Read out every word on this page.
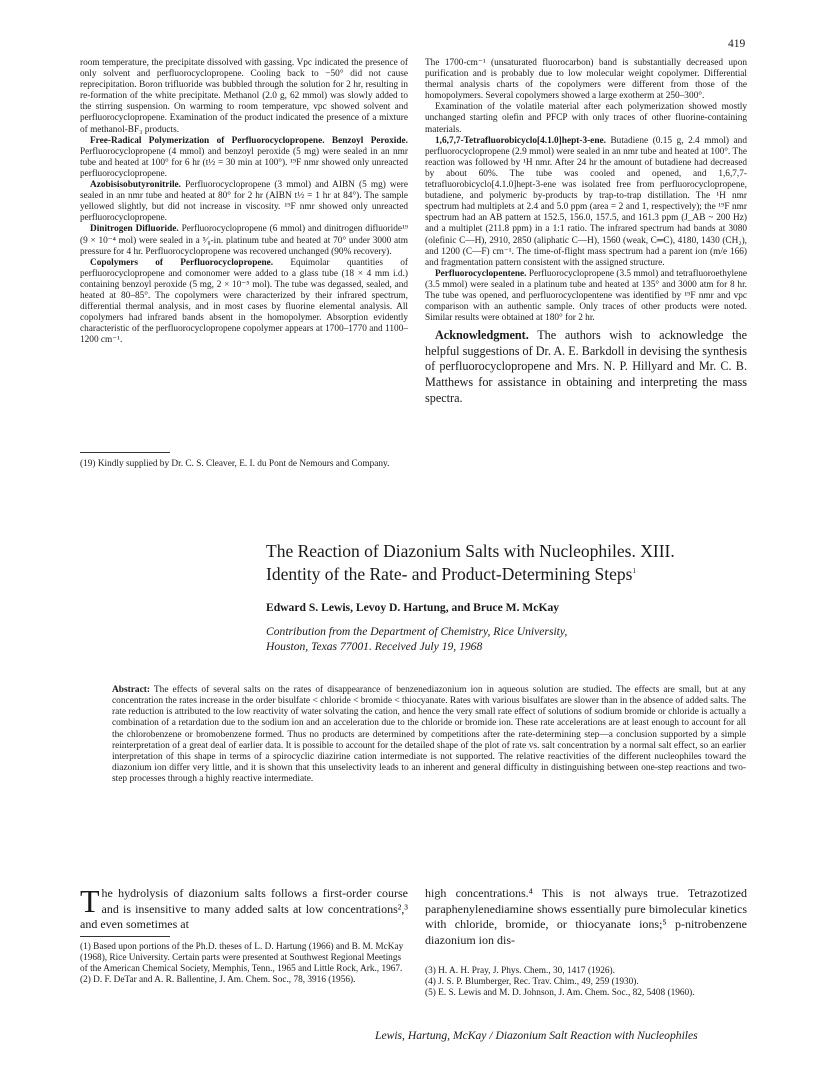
419

room temperature, the precipitate dissolved with gassing. Vpc indicated the presence of only solvent and perfluorocyclopropene. Cooling back to −50° did not cause reprecipitation. Boron trifluoride was bubbled through the solution for 2 hr, resulting in re-formation of the white precipitate. Methanol (2.0 g, 62 mmol) was slowly added to the stirring suspension. On warming to room temperature, vpc showed solvent and perfluorocyclopropene. Examination of the product indicated the presence of a mixture of methanol-BF₃ products.

Free-Radical Polymerization of Perfluorocyclopropene. Benzoyl Peroxide. Perfluorocyclopropene (4 mmol) and benzoyl peroxide (5 mg) were sealed in an nmr tube and heated at 100° for 6 hr (t½ = 30 min at 100°). ¹⁹F nmr showed only unreacted perfluorocyclopropene.

Azobisisobutyronitrile. Perfluorocyclopropene (3 mmol) and AIBN (5 mg) were sealed in an nmr tube and heated at 80° for 2 hr (AIBN t½ = 1 hr at 84°). The sample yellowed slightly, but did not increase in viscosity. ¹⁹F nmr showed only unreacted perfluorocyclopropene.

Dinitrogen Difluoride. Perfluorocyclopropene (6 mmol) and dinitrogen difluoride¹⁹ (9 × 10⁻⁴ mol) were sealed in a ⁵⁄₈-in. platinum tube and heated at 70° under 3000 atm pressure for 4 hr. Perfluorocyclopropene was recovered unchanged (90% recovery).

Copolymers of Perfluorocyclopropene. Equimolar quantities of perfluorocyclopropene and comonomer were added to a glass tube (18 × 4 mm i.d.) containing benzoyl peroxide (5 mg, 2 × 10⁻⁵ mol). The tube was degassed, sealed, and heated at 80–85°. The copolymers were characterized by their infrared spectrum, differential thermal analysis, and in most cases by fluorine elemental analysis. All copolymers had infrared bands absent in the homopolymer. Absorption evidently characteristic of the perfluorocyclopropene copolymer appears at 1700–1770 and 1100–1200 cm⁻¹.

(19) Kindly supplied by Dr. C. S. Cleaver, E. I. du Pont de Nemours and Company.

The 1700-cm⁻¹ (unsaturated fluorocarbon) band is substantially decreased upon purification and is probably due to low molecular weight copolymer. Differential thermal analysis charts of the copolymers were different from those of the homopolymers. Several copolymers showed a large exotherm at 250–300°.

Examination of the volatile material after each polymerization showed mostly unchanged starting olefin and PFCP with only traces of other fluorine-containing materials.

1,6,7,7-Tetrafluorobicyclo[4.1.0]hept-3-ene. Butadiene (0.15 g, 2.4 mmol) and perfluorocyclopropene (2.9 mmol) were sealed in an nmr tube and heated at 100°. The reaction was followed by ¹H nmr. After 24 hr the amount of butadiene had decreased by about 60%. The tube was cooled and opened, and 1,6,7,7-tetrafluorobicyclo[4.1.0]hept-3-ene was isolated free from perfluorocyclopropene, butadiene, and polymeric by-products by trap-to-trap distillation. The ¹H nmr spectrum had multiplets at 2.4 and 5.0 ppm (area = 2 and 1, respectively); the ¹⁹F nmr spectrum had an AB pattern at 152.5, 156.0, 157.5, and 161.3 ppm (J_AB ~ 200 Hz) and a multiplet (211.8 ppm) in a 1:1 ratio. The infrared spectrum had bands at 3080 (olefinic C—H), 2910, 2850 (aliphatic C—H), 1560 (weak, C═C), 4180, 1430 (CH₂), and 1200 (C—F) cm⁻¹. The time-of-flight mass spectrum had a parent ion (m/e 166) and fragmentation pattern consistent with the assigned structure.

Perfluorocyclopentene. Perfluorocyclopropene (3.5 mmol) and tetrafluoroethylene (3.5 mmol) were sealed in a platinum tube and heated at 135° and 3000 atm for 8 hr. The tube was opened, and perfluorocyclopentene was identified by ¹⁹F nmr and vpc comparison with an authentic sample. Only traces of other products were noted. Similar results were obtained at 180° for 2 hr.

Acknowledgment. The authors wish to acknowledge the helpful suggestions of Dr. A. E. Barkdoll in devising the synthesis of perfluorocyclopropene and Mrs. N. P. Hillyard and Mr. C. B. Matthews for assistance in obtaining and interpreting the mass spectra.

The Reaction of Diazonium Salts with Nucleophiles. XIII.
Identity of the Rate- and Product-Determining Steps$^1$
Edward S. Lewis, Levoy D. Hartung, and Bruce M. McKay
Contribution from the Department of Chemistry, Rice University,
Houston, Texas 77001. Received July 19, 1968
Abstract: The effects of several salts on the rates of disappearance of benzenediazonium ion in aqueous solution are studied. The effects are small, but at any concentration the rates increase in the order bisulfate < chloride < bromide < thiocyanate. Rates with various bisulfates are slower than in the absence of added salts. The rate reduction is attributed to the low reactivity of water solvating the cation, and hence the very small rate effect of solutions of sodium bromide or chloride is actually a combination of a retardation due to the sodium ion and an acceleration due to the chloride or bromide ion. These rate accelerations are at least enough to account for all the chlorobenzene or bromobenzene formed. Thus no products are determined by competitions after the rate-determining step—a conclusion supported by a simple reinterpretation of a great deal of earlier data. It is possible to account for the detailed shape of the plot of rate vs. salt concentration by a normal salt effect, so an earlier interpretation of this shape in terms of a spirocyclic diazirine cation intermediate is not supported. The relative reactivities of the different nucleophiles toward the diazonium ion differ very little, and it is shown that this unselectivity leads to an inherent and general difficulty in distinguishing between one-step reactions and two-step processes through a highly reactive intermediate.

The hydrolysis of diazonium salts follows a first-order course and is insensitive to many added salts at low concentrations²,³ and even sometimes at

high concentrations.⁴ This is not always true. Tetrazotized paraphenylenediamine shows essentially pure bimolecular kinetics with chloride, bromide, or thiocyanate ions;⁵ p-nitrobenzene diazonium ion dis-

(1) Based upon portions of the Ph.D. theses of L. D. Hartung (1966) and B. M. McKay (1968), Rice University. Certain parts were presented at Southwest Regional Meetings of the American Chemical Society, Memphis, Tenn., 1965 and Little Rock, Ark., 1967.

(2) D. F. DeTar and A. R. Ballentine, J. Am. Chem. Soc., 78, 3916 (1956).

(3) H. A. H. Pray, J. Phys. Chem., 30, 1417 (1926).

(4) J. S. P. Blumberger, Rec. Trav. Chim., 49, 259 (1930).

(5) E. S. Lewis and M. D. Johnson, J. Am. Chem. Soc., 82, 5408 (1960).

Lewis, Hartung, McKay / Diazonium Salt Reaction with Nucleophiles
